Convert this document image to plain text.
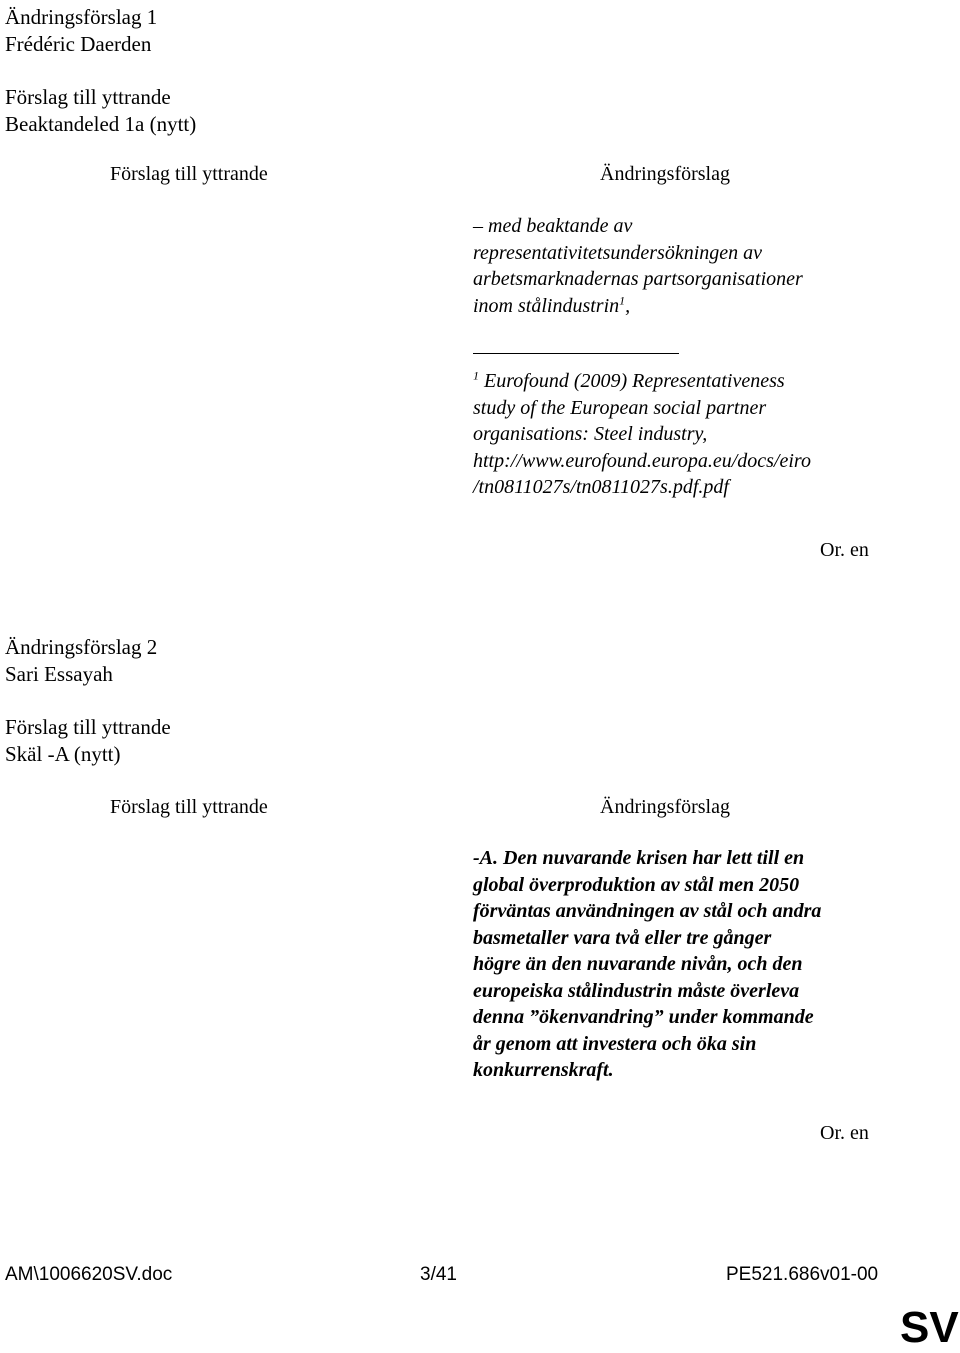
Ändringsförslag 1
Frédéric Daerden
Förslag till yttrande
Beaktandeled 1a (nytt)
Förslag till yttrande	Ändringsförslag
– med beaktande av
representativitetsundersökningen av
arbetsmarknadernas partsorganisationer
inom stålindustrin$^1$,
$^1$ Eurofound (2009) Representativeness
study of the European social partner
organisations: Steel industry,
http://www.eurofound.europa.eu/docs/eiro
/tn0811027s/tn0811027s.pdf.pdf
Or. en
Ändringsförslag 2
Sari Essayah
Förslag till yttrande
Skäl -A (nytt)
Förslag till yttrande	Ändringsförslag
-A. Den nuvarande krisen har lett till en
global överproduktion av stål men 2050
förväntas användningen av stål och andra
basmetaller vara två eller tre gånger
högre än den nuvarande nivån, och den
europeiska stålindustrin måste överleva
denna ”ökenvandring” under kommande
år genom att investera och öka sin
konkurrenskraft.
Or. en
AM\1006620SV.doc	3/41	PE521.686v01-00
SV
